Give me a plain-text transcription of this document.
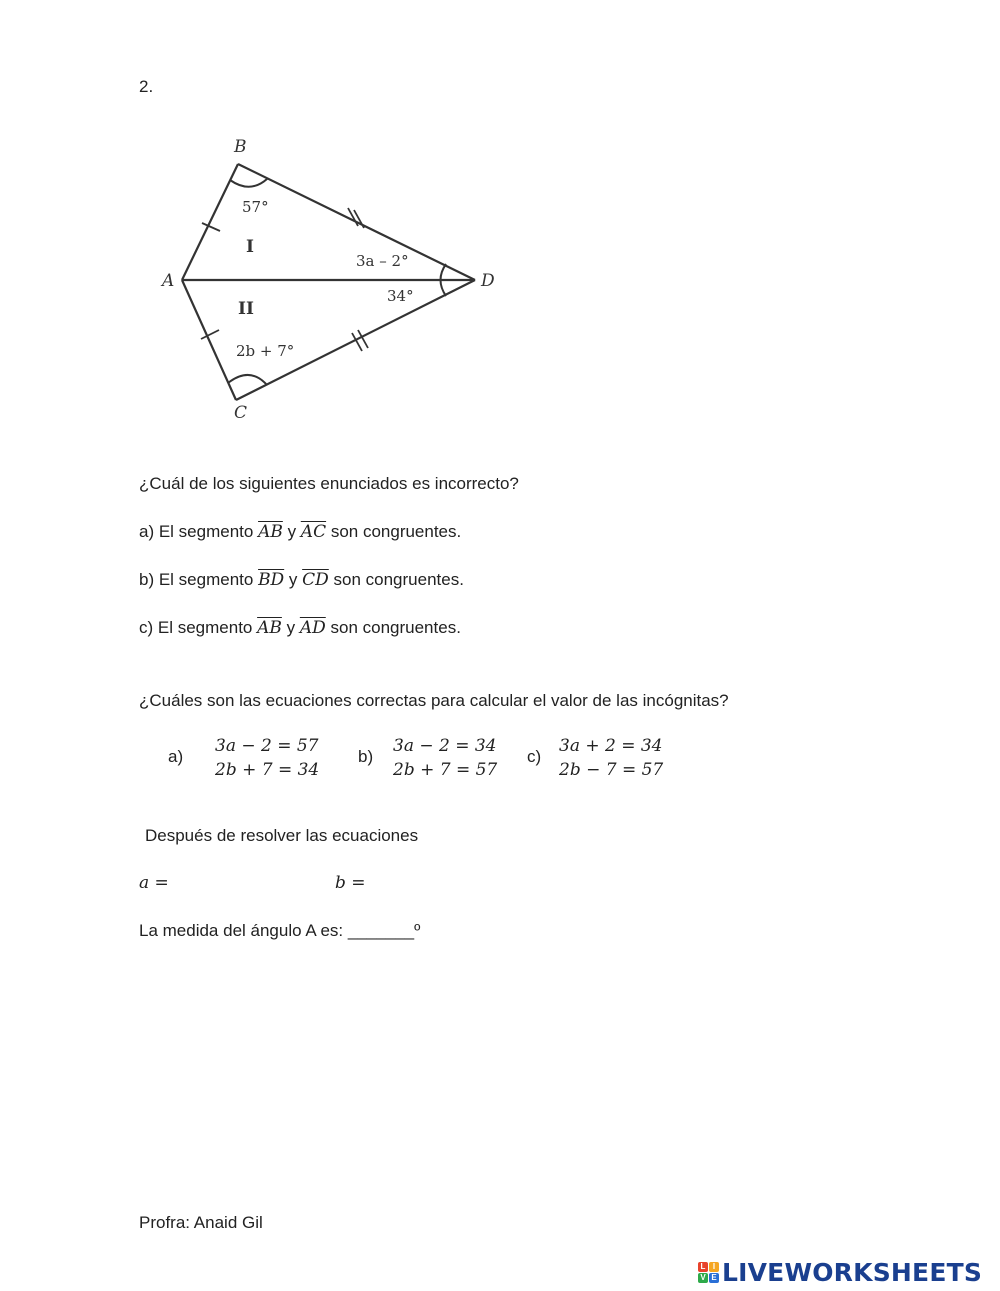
2.
B
A	D
C
I
II
57°
3a – 2°
34°
2b + 7°
¿Cuál de los siguientes enunciados es incorrecto?
a) El segmento $\overline{AB}$ y $\overline{AC}$ son congruentes.
b) El segmento $\overline{BD}$ y $\overline{CD}$ son congruentes.
c) El segmento $\overline{AB}$ y $\overline{AD}$ son congruentes.
¿Cuáles son las ecuaciones correctas para calcular el valor de las incógnitas?
a)
3a − 2 = 57
2b + 7 = 34
b)
3a − 2 = 34
2b + 7 = 57
c)
3a + 2 = 34
2b − 7 = 57
Después de resolver las ecuaciones
a =	b =
La medida del ángulo A es: _______º
Profra: Anaid Gil
L I
V E LIVEWORKSHEETS
